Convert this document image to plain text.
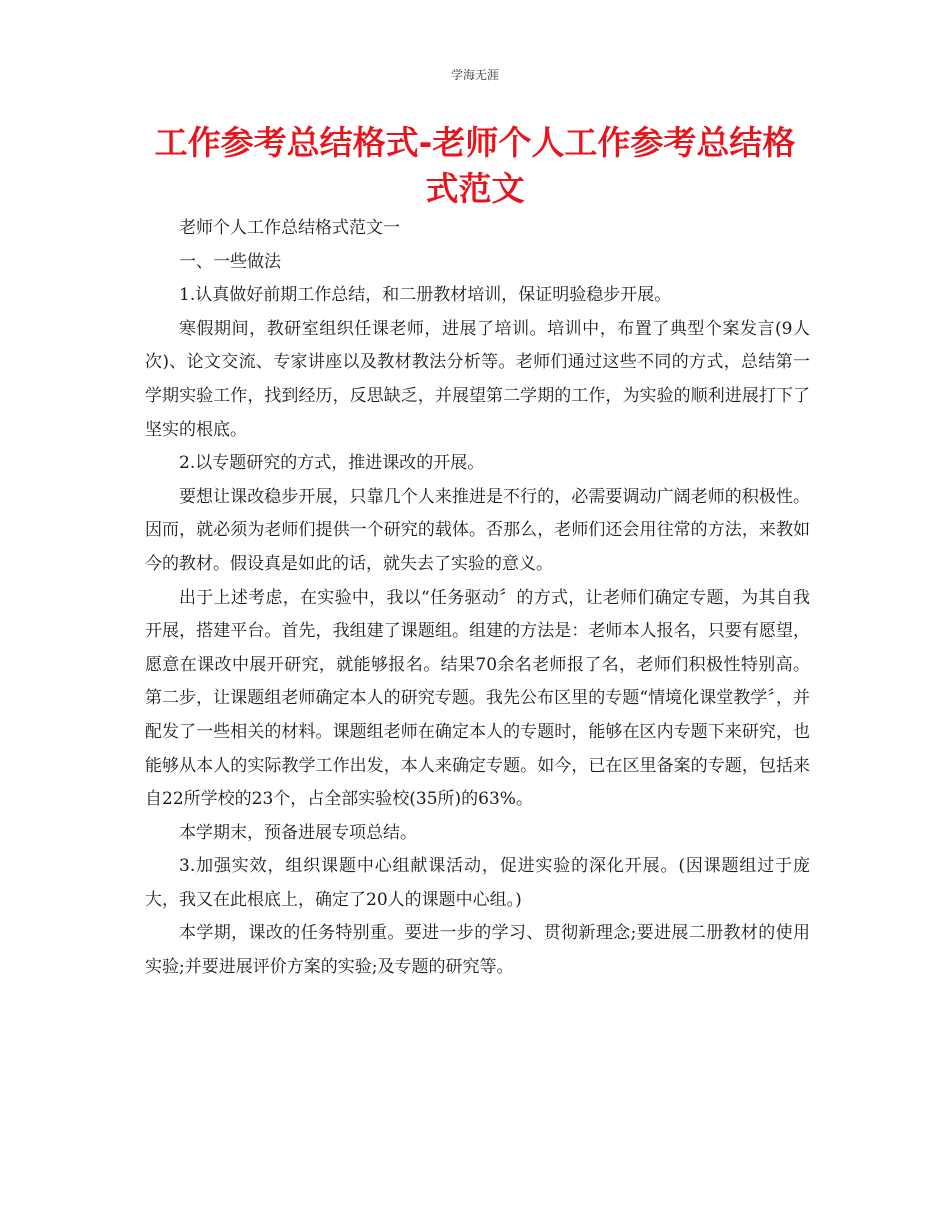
学海无涯
工作参考总结格式-老师个人工作参考总结格式范文

老师个人工作总结格式范文一

一、一些做法

1.认真做好前期工作总结，和二册教材培训，保证明验稳步开展。

寒假期间，教研室组织任课老师，进展了培训。培训中，布置了典型个案发言(9人次)、论文交流、专家讲座以及教材教法分析等。老师们通过这些不同的方式，总结第一学期实验工作，找到经历，反思缺乏，并展望第二学期的工作，为实验的顺利进展打下了坚实的根底。

2.以专题研究的方式，推进课改的开展。

要想让课改稳步开展，只靠几个人来推进是不行的，必需要调动广阔老师的积极性。因而，就必须为老师们提供一个研究的载体。否那么，老师们还会用往常的方法，来教如今的教材。假设真是如此的话，就失去了实验的意义。

出于上述考虑，在实验中，我以“任务驱动〞的方式，让老师们确定专题，为其自我开展，搭建平台。首先，我组建了课题组。组建的方法是：老师本人报名，只要有愿望，愿意在课改中展开研究，就能够报名。结果70余名老师报了名，老师们积极性特别高。第二步，让课题组老师确定本人的研究专题。我先公布区里的专题“情境化课堂教学〞，并配发了一些相关的材料。课题组老师在确定本人的专题时，能够在区内专题下来研究，也能够从本人的实际教学工作出发，本人来确定专题。如今，已在区里备案的专题，包括来自22所学校的23个，占全部实验校(35所)的63%。

本学期末，预备进展专项总结。

3.加强实效，组织课题中心组献课活动，促进实验的深化开展。(因课题组过于庞大，我又在此根底上，确定了20人的课题中心组。)

本学期，课改的任务特别重。要进一步的学习、贯彻新理念;要进展二册教材的使用实验;并要进展评价方案的实验;及专题的研究等。
